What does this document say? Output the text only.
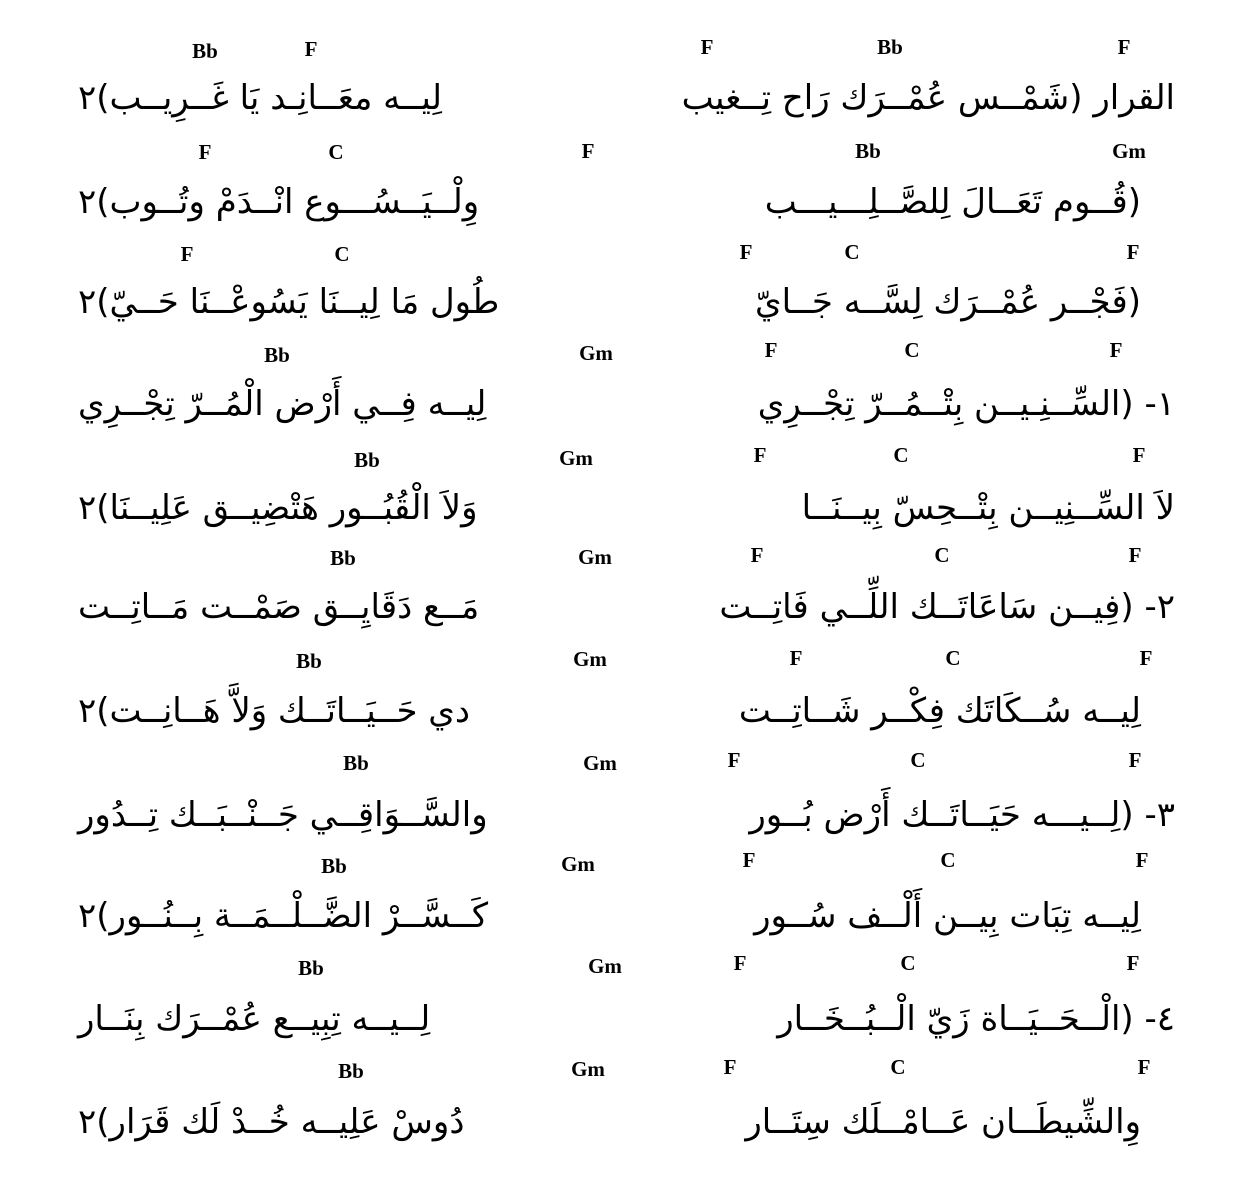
F
Bb
F
F
Bb
القرار (شَمْــس عُمْــرَك رَاح تِــغيب
لِيــه معَــانِـد يَا غَــرِيــب)٢
Gm
Bb
F
C
F
(قُــوم تَعَــالَ لِلصَّــلِـــيـــب
وِلْــيَــسُـــوع انْــدَمْ وتُــوب)٢
F
C
F
C
F
(فَجْــر عُمْــرَك لِسَّــه جَــايّ
طُول مَا لِيــنَا يَسُوعْــنَا حَــيّ)٢
F
C
F
Gm
Bb
١- (السِّــنِـيــن بِتْــمُــرّ تِجْــرِي
لِيــه فِــي أَرْض الْمُــرّ تِجْــرِي
F
C
F
Gm
Bb
لاَ السِّــنِيــن بِتْــحِسّ بِيــنَــا
وَلاَ الْقُبُــور هَتْضِيــق عَلِيــنَا)٢
F
C
F
Gm
Bb
٢- (فِيــن سَاعَاتَــك اللِّــي فَاتِــت
مَــع دَقَايِــق صَمْــت مَــاتِــت
F
C
F
Gm
Bb
لِيــه سُــكَاتَك فِكْــر شَــاتِــت
دي حَــيَــاتَــك وَلاَّ هَــانِــت)٢
F
C
F
Gm
Bb
٣- (لِــيـــه حَيَــاتَــك أَرْض بُــور
والسَّــوَاقِــي جَــنْــبَــك تِــدُور
F
C
F
Gm
Bb
لِيــه تِبَات بِيــن أَلْــف سُــور
كَــسَّــرْ الضَّــلْــمَــة بِــنُــور)٢
F
C
F
Gm
Bb
٤- (الْــحَــيَــاة زَيّ الْــبُــخَــار
لِــيــه تِبِيــع عُمْــرَك بِنَــار
F
C
F
Gm
Bb
وِالشِّيطَــان عَــامْــلَك سِتَــار
دُوسْ عَلِيــه خُــدْ لَك قَرَار)٢
